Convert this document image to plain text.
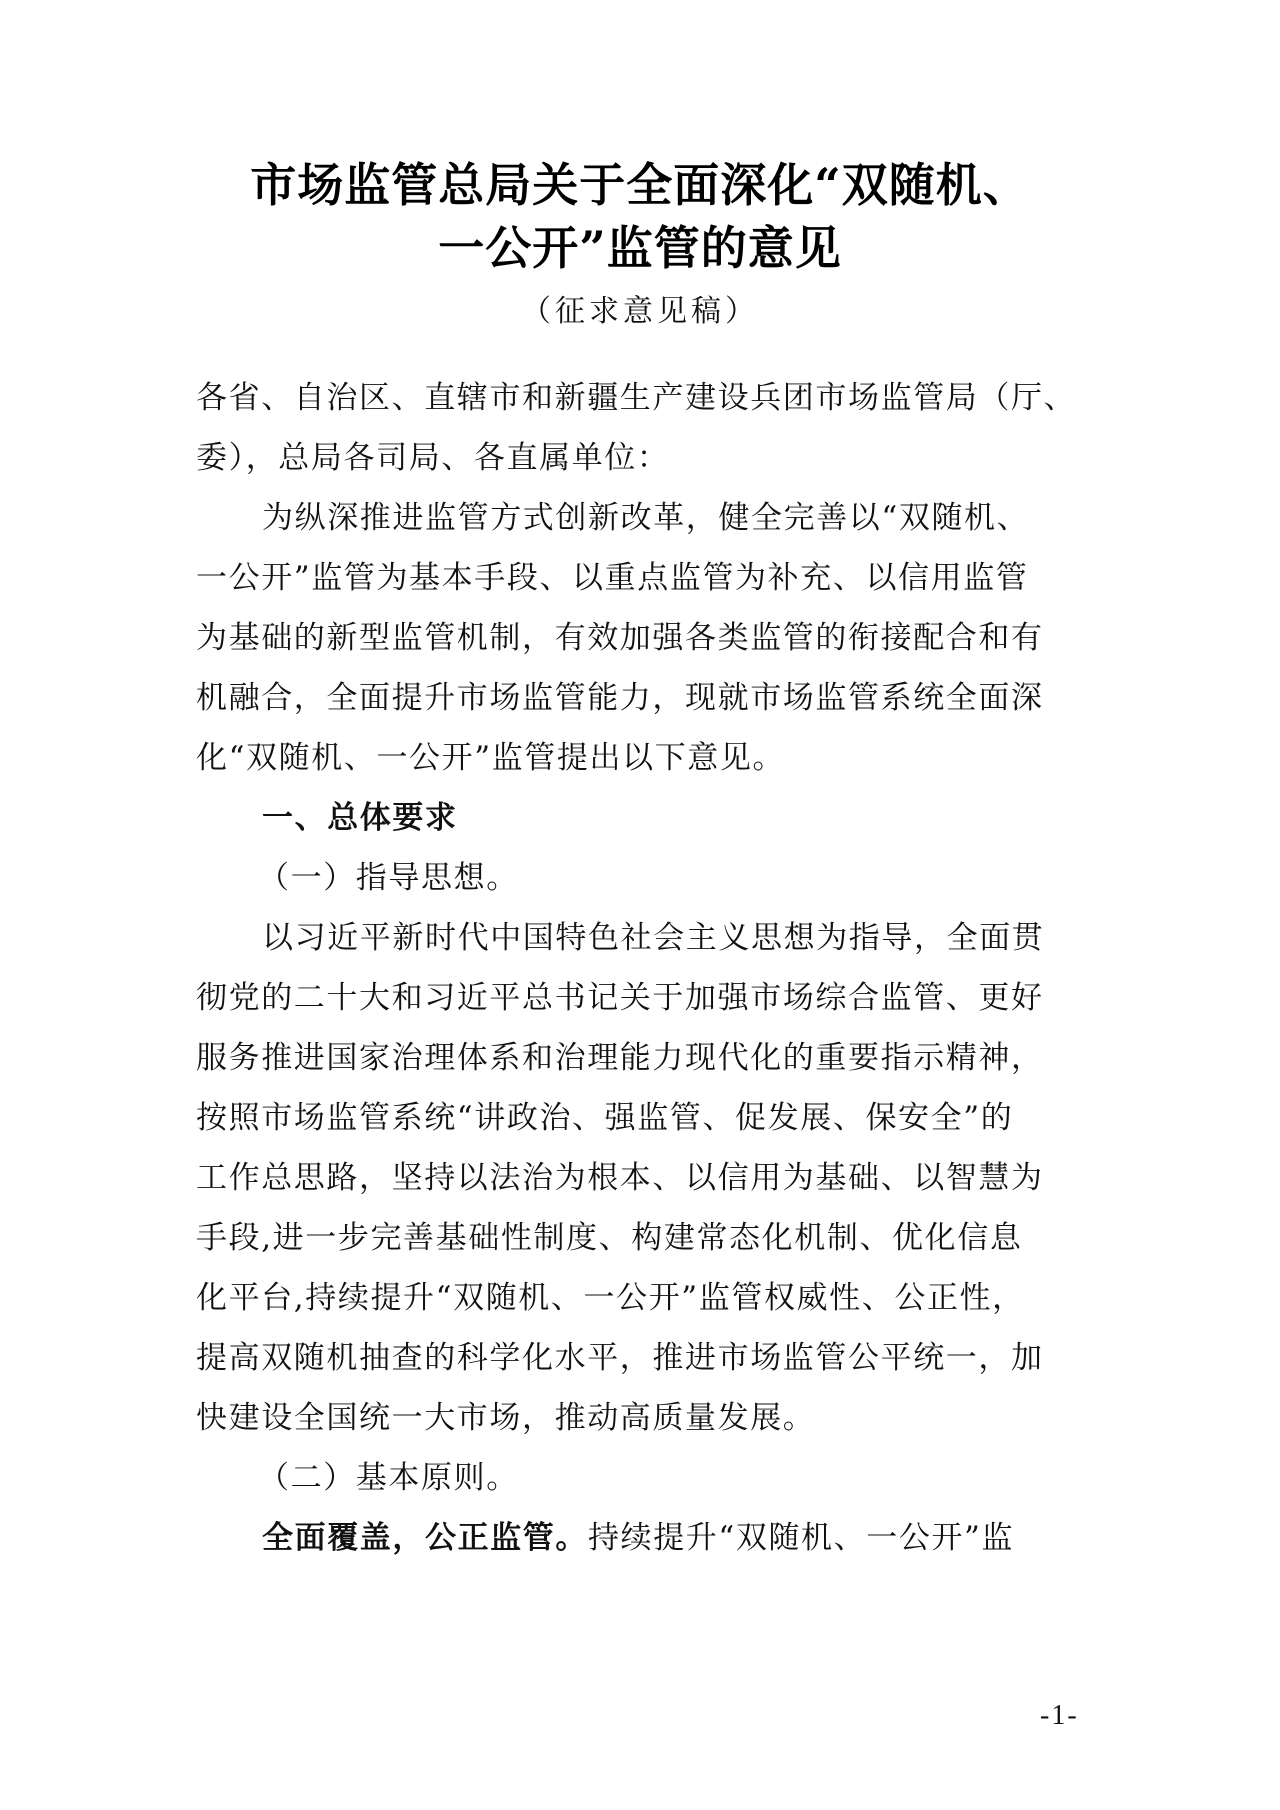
市场监管总局关于全面深化“双随机、
一公开”监管的意见
（征求意见稿）
各省、自治区、直辖市和新疆生产建设兵团市场监管局（厅、
委），总局各司局、各直属单位：
为纵深推进监管方式创新改革，健全完善以“双随机、
一公开”监管为基本手段、以重点监管为补充、以信用监管
为基础的新型监管机制，有效加强各类监管的衔接配合和有
机融合，全面提升市场监管能力，现就市场监管系统全面深
化“双随机、一公开”监管提出以下意见。
一、总体要求
（一）指导思想。
以习近平新时代中国特色社会主义思想为指导，全面贯
彻党的二十大和习近平总书记关于加强市场综合监管、更好
服务推进国家治理体系和治理能力现代化的重要指示精神，
按照市场监管系统“讲政治、强监管、促发展、保安全”的
工作总思路，坚持以法治为根本、以信用为基础、以智慧为
手段,进一步完善基础性制度、构建常态化机制、优化信息
化平台,持续提升“双随机、一公开”监管权威性、公正性，
提高双随机抽查的科学化水平，推进市场监管公平统一，加
快建设全国统一大市场，推动高质量发展。
（二）基本原则。
全面覆盖，公正监管。持续提升“双随机、一公开”监
-1-
